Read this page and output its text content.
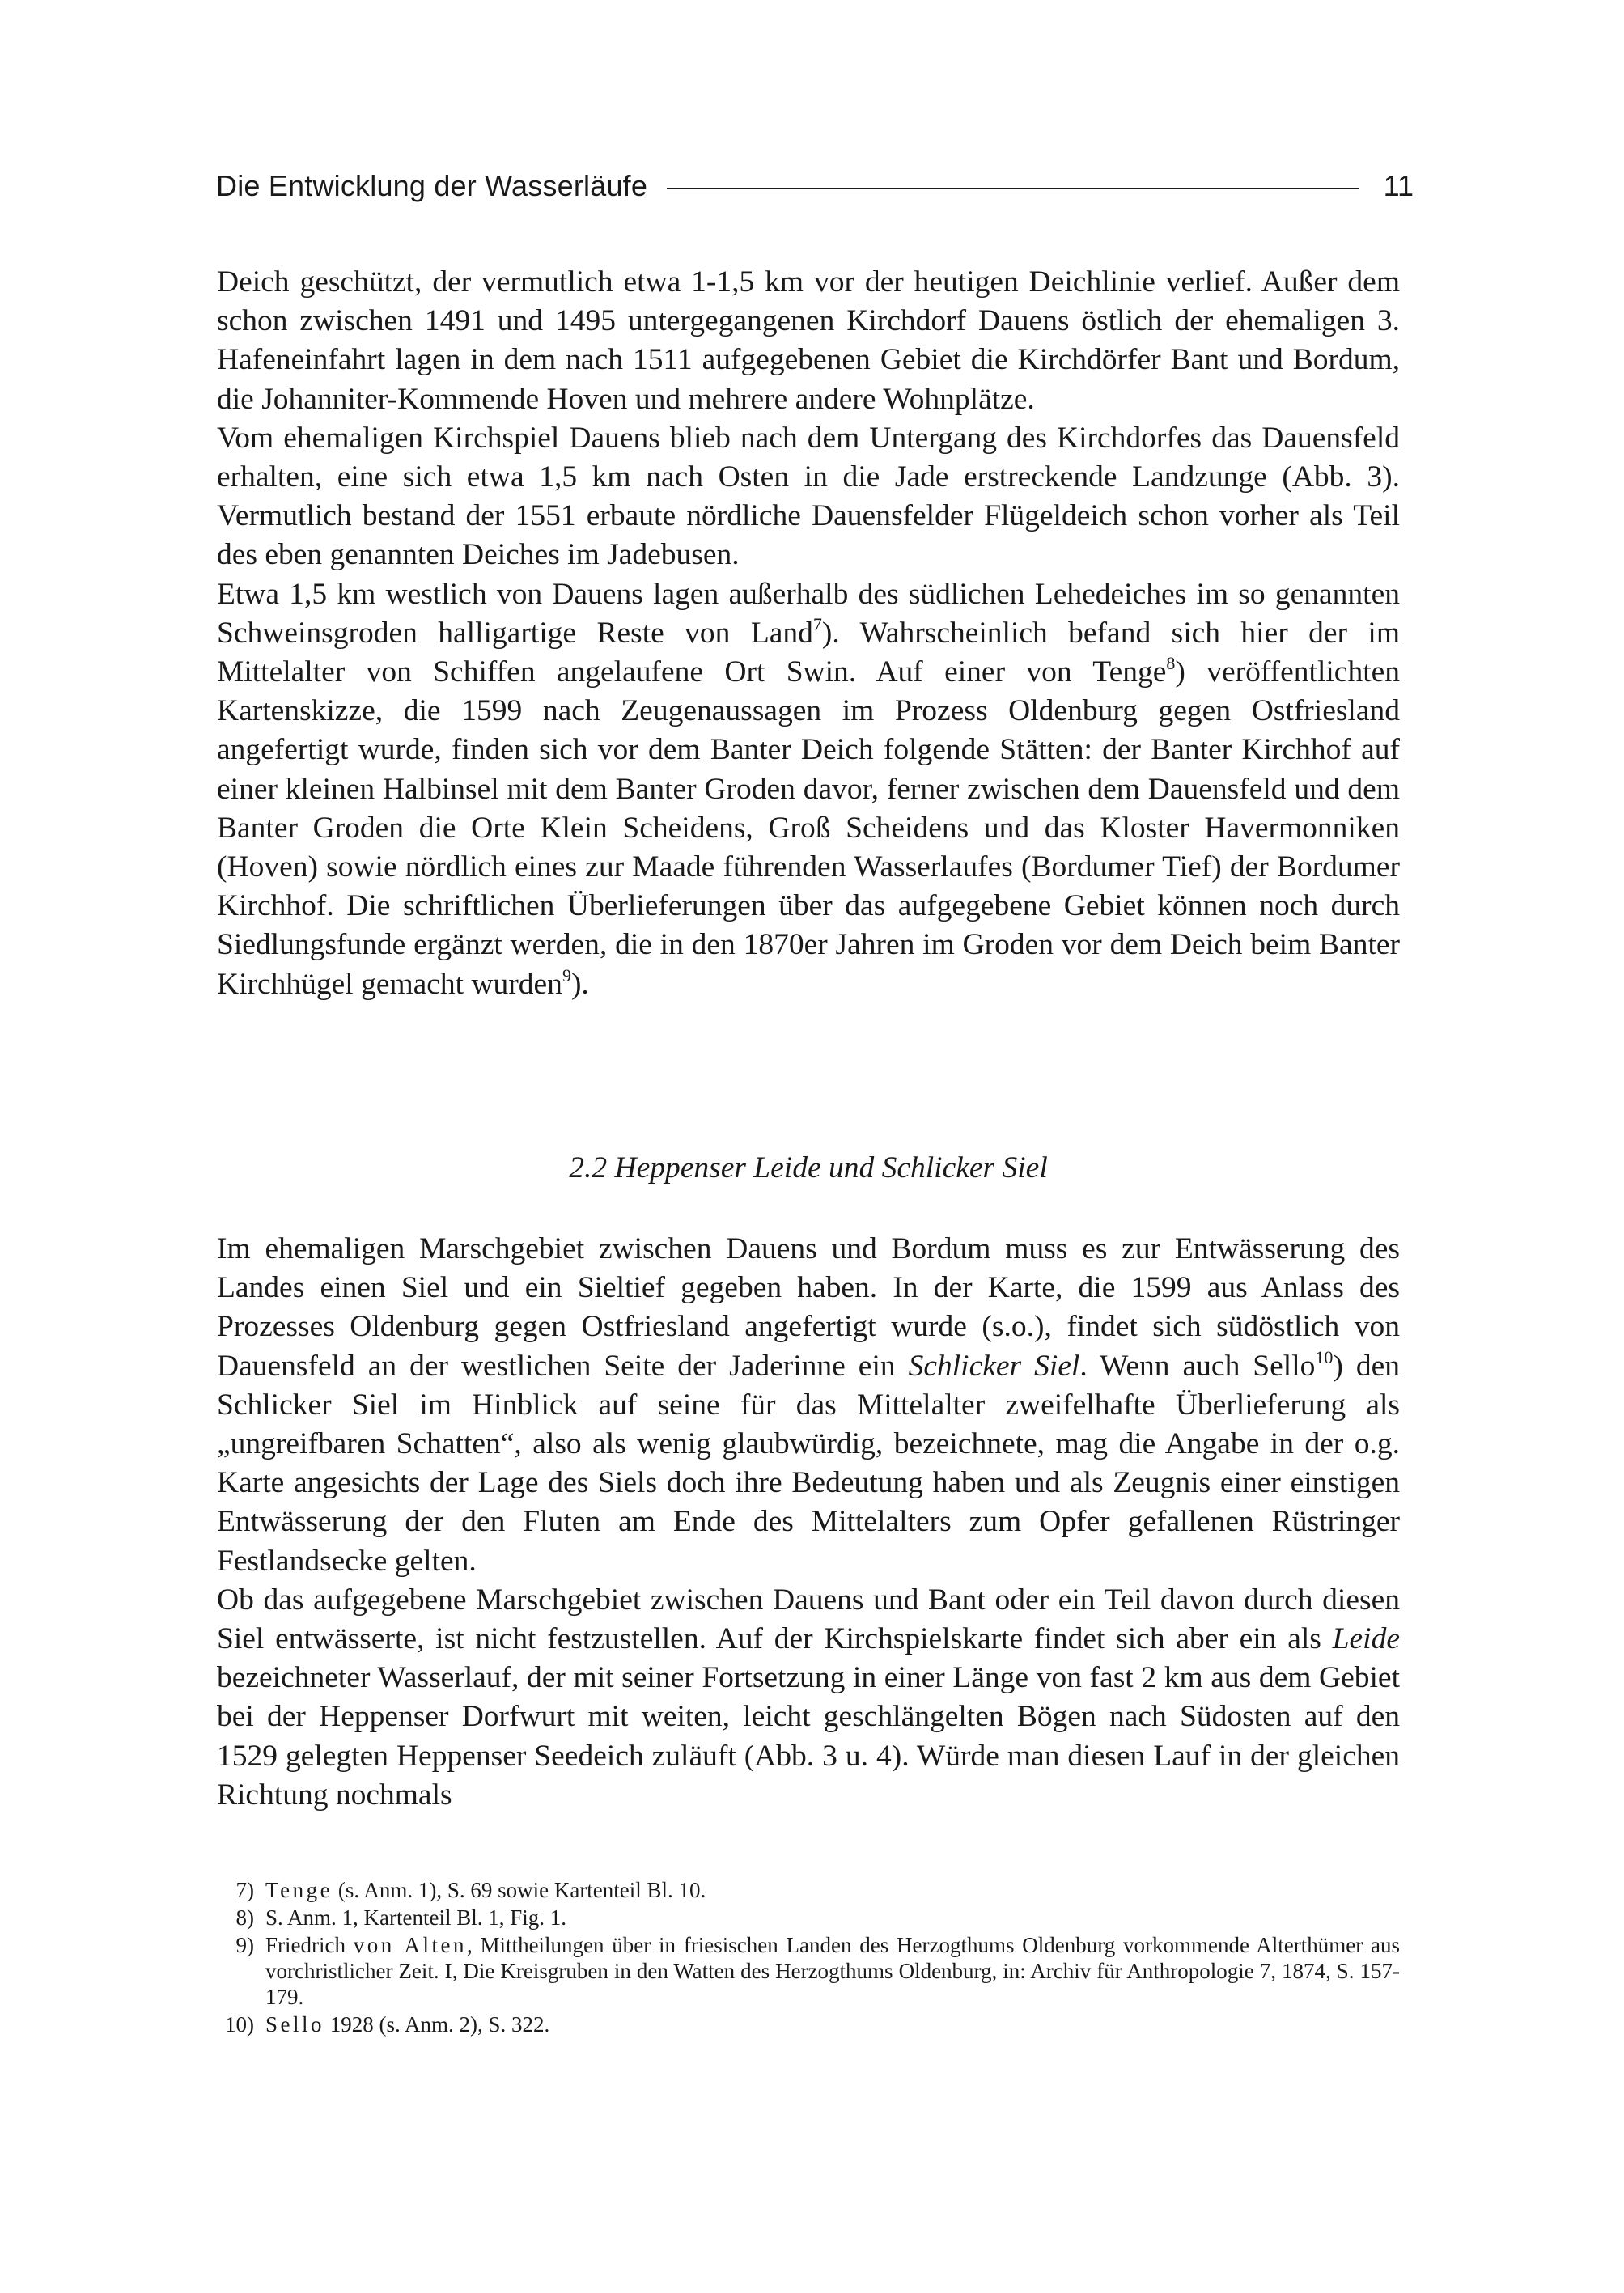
Die Entwicklung der Wasserläufe	11

Deich geschützt, der vermutlich etwa 1-1,5 km vor der heutigen Deichlinie verlief. Außer dem schon zwischen 1491 und 1495 untergegangenen Kirchdorf Dauens östlich der ehemaligen 3. Hafeneinfahrt lagen in dem nach 1511 aufgegebenen Gebiet die Kirchdörfer Bant und Bordum, die Johanniter-Kommende Hoven und mehrere andere Wohnplätze.

Vom ehemaligen Kirchspiel Dauens blieb nach dem Untergang des Kirchdorfes das Dauensfeld erhalten, eine sich etwa 1,5 km nach Osten in die Jade erstreckende Landzunge (Abb. 3). Vermutlich bestand der 1551 erbaute nördliche Dauensfelder Flügeldeich schon vorher als Teil des eben genannten Deiches im Jadebusen.

Etwa 1,5 km westlich von Dauens lagen außerhalb des südlichen Lehedeiches im so genannten Schweinsgroden halligartige Reste von Land$^7$). Wahrscheinlich befand sich hier der im Mittelalter von Schiffen angelaufene Ort Swin. Auf einer von Tenge$^8$) veröffentlichten Kartenskizze, die 1599 nach Zeugenaussagen im Prozess Oldenburg gegen Ostfriesland angefertigt wurde, finden sich vor dem Banter Deich folgende Stätten: der Banter Kirchhof auf einer kleinen Halbinsel mit dem Banter Groden davor, ferner zwischen dem Dauensfeld und dem Banter Groden die Orte Klein Scheidens, Groß Scheidens und das Kloster Havermonniken (Hoven) sowie nördlich eines zur Maade führenden Wasserlaufes (Bordumer Tief) der Bordumer Kirchhof. Die schriftlichen Überlieferungen über das aufgegebene Gebiet können noch durch Siedlungsfunde ergänzt werden, die in den 1870er Jahren im Groden vor dem Deich beim Banter Kirchhügel gemacht wurden$^9$).

2.2 Heppenser Leide und Schlicker Siel

Im ehemaligen Marschgebiet zwischen Dauens und Bordum muss es zur Entwässerung des Landes einen Siel und ein Sieltief gegeben haben. In der Karte, die 1599 aus Anlass des Prozesses Oldenburg gegen Ostfriesland angefertigt wurde (s.o.), findet sich südöstlich von Dauensfeld an der westlichen Seite der Jaderinne ein Schlicker Siel. Wenn auch Sello$^{10}$) den Schlicker Siel im Hinblick auf seine für das Mittelalter zweifelhafte Überlieferung als „ungreifbaren Schatten“, also als wenig glaubwürdig, bezeichnete, mag die Angabe in der o.g. Karte angesichts der Lage des Siels doch ihre Bedeutung haben und als Zeugnis einer einstigen Entwässerung der den Fluten am Ende des Mittelalters zum Opfer gefallenen Rüstringer Festlandsecke gelten.

Ob das aufgegebene Marschgebiet zwischen Dauens und Bant oder ein Teil davon durch diesen Siel entwässerte, ist nicht festzustellen. Auf der Kirchspielskarte findet sich aber ein als Leide bezeichneter Wasserlauf, der mit seiner Fortsetzung in einer Länge von fast 2 km aus dem Gebiet bei der Heppenser Dorfwurt mit weiten, leicht geschlängelten Bögen nach Südosten auf den 1529 gelegten Heppenser Seedeich zuläuft (Abb. 3 u. 4). Würde man diesen Lauf in der gleichen Richtung nochmals

7) Tenge (s. Anm. 1), S. 69 sowie Kartenteil Bl. 10.
8) S. Anm. 1, Kartenteil Bl. 1, Fig. 1.
9) Friedrich von Alten, Mittheilungen über in friesischen Landen des Herzogthums Oldenburg vorkommende Alterthümer aus vorchristlicher Zeit. I, Die Kreisgruben in den Watten des Herzogthums Oldenburg, in: Archiv für Anthropologie 7, 1874, S. 157-179.
10) Sello 1928 (s. Anm. 2), S. 322.
